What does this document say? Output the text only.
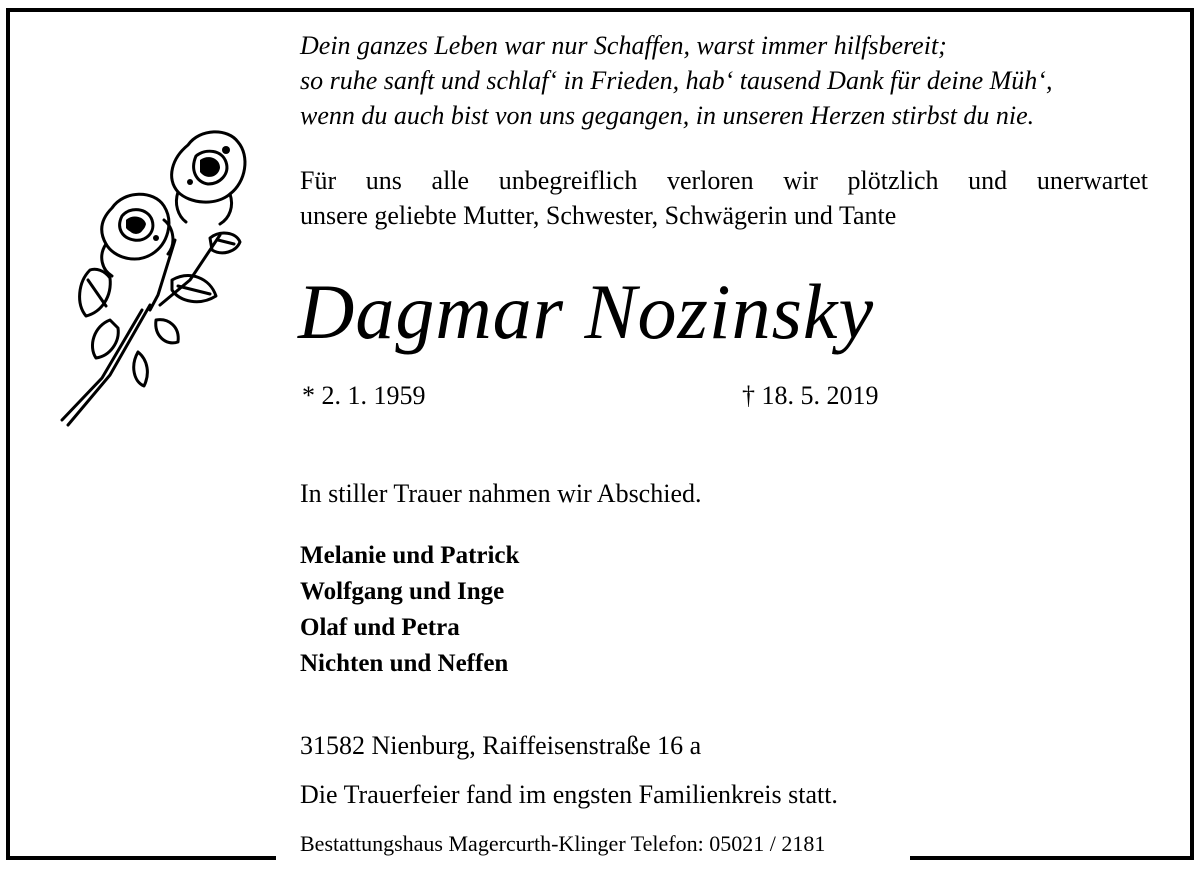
Dein ganzes Leben war nur Schaffen, warst immer hilfsbereit;
so ruhe sanft und schlaf‘ in Frieden, hab‘ tausend Dank für deine Müh‘,
wenn du auch bist von uns gegangen, in unseren Herzen stirbst du nie.
Für uns alle unbegreiflich verloren wir plötzlich und unerwartet
unsere geliebte Mutter, Schwester, Schwägerin und Tante
Dagmar Nozinsky
* 2. 1. 1959	† 18. 5. 2019
In stiller Trauer nahmen wir Abschied.
Melanie und Patrick
Wolfgang und Inge
Olaf und Petra
Nichten und Neffen
31582 Nienburg, Raiffeisenstraße 16 a
Die Trauerfeier fand im engsten Familienkreis statt.
Bestattungshaus Magercurth-Klinger Telefon: 05021 / 2181
